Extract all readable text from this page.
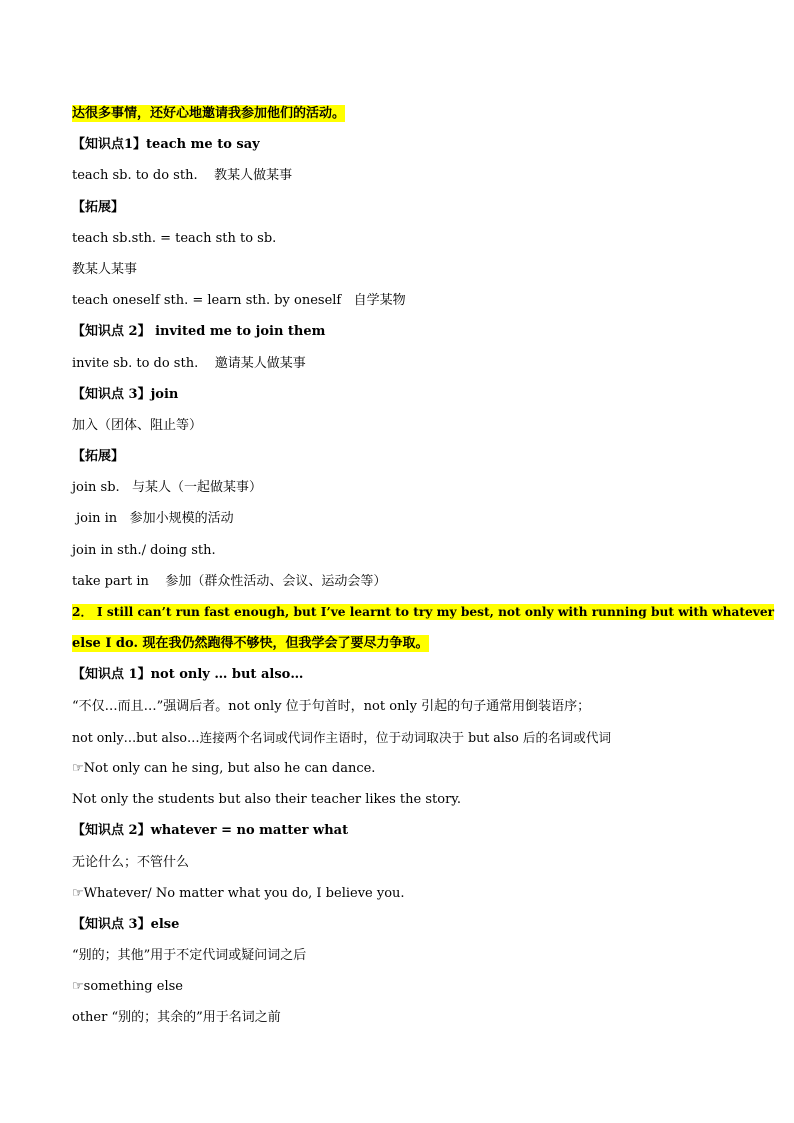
达很多事情，还好心地邀请我参加他们的活动。
【知识点1】teach me to say
teach sb. to do sth.    教某人做某事
【拓展】
teach sb.sth. = teach sth to sb.
教某人某事
teach oneself sth. = learn sth. by oneself   自学某物
【知识点 2】 invited me to join them
invite sb. to do sth.    邀请某人做某事
【知识点 3】join
加入（团体、阻止等）
【拓展】
join sb.   与某人（一起做某事）
join in   参加小规模的活动
join in sth./ doing sth.
take part in    参加（群众性活动、会议、运动会等）
2． I still can’t run fast enough, but I’ve learnt to try my best, not only with running but with whatever
else I do. 现在我仍然跑得不够快，但我学会了要尽力争取。
【知识点 1】not only … but also…
“不仅…而且…”强调后者。not only 位于句首时，not only 引起的句子通常用倒装语序；
not only…but also…连接两个名词或代词作主语时，位于动词取决于 but also 后的名词或代词
☞Not only can he sing, but also he can dance.
Not only the students but also their teacher likes the story.
【知识点 2】whatever = no matter what
无论什么；不管什么
☞Whatever/ No matter what you do, I believe you.
【知识点 3】else
“别的；其他”用于不定代词或疑问词之后
☞something else
other “别的；其余的”用于名词之前
